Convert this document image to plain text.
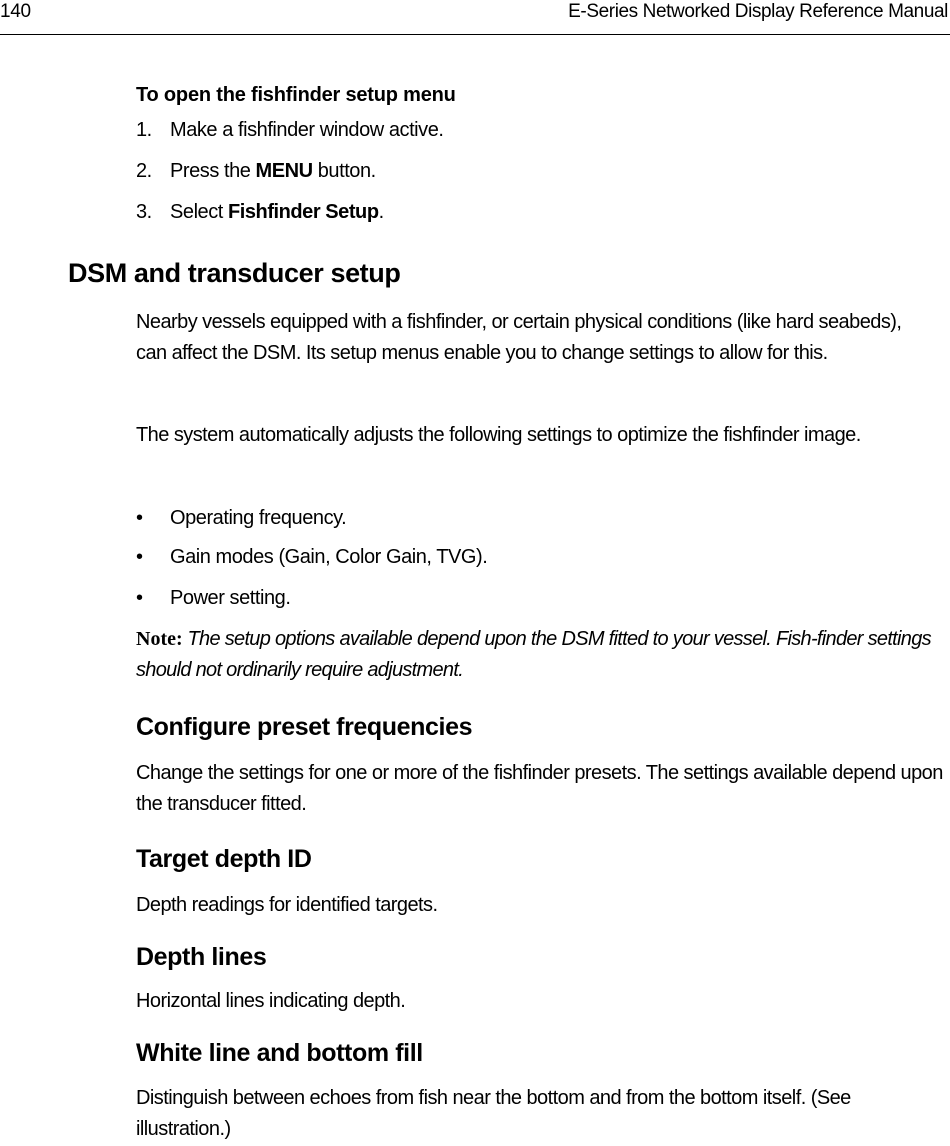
140	E-Series Networked Display Reference Manual
To open the fishfinder setup menu
1. Make a fishfinder window active.
2. Press the MENU button.
3. Select Fishfinder Setup.
DSM and transducer setup
Nearby vessels equipped with a fishfinder, or certain physical conditions (like hard seabeds), can affect the DSM. Its setup menus enable you to change settings to allow for this.
The system automatically adjusts the following settings to optimize the fishfinder image.
• Operating frequency.
• Gain modes (Gain, Color Gain, TVG).
• Power setting.
Note: The setup options available depend upon the DSM fitted to your vessel. Fish-finder settings should not ordinarily require adjustment.
Configure preset frequencies
Change the settings for one or more of the fishfinder presets. The settings available depend upon the transducer fitted.
Target depth ID
Depth readings for identified targets.
Depth lines
Horizontal lines indicating depth.
White line and bottom fill
Distinguish between echoes from fish near the bottom and from the bottom itself. (See illustration.)
